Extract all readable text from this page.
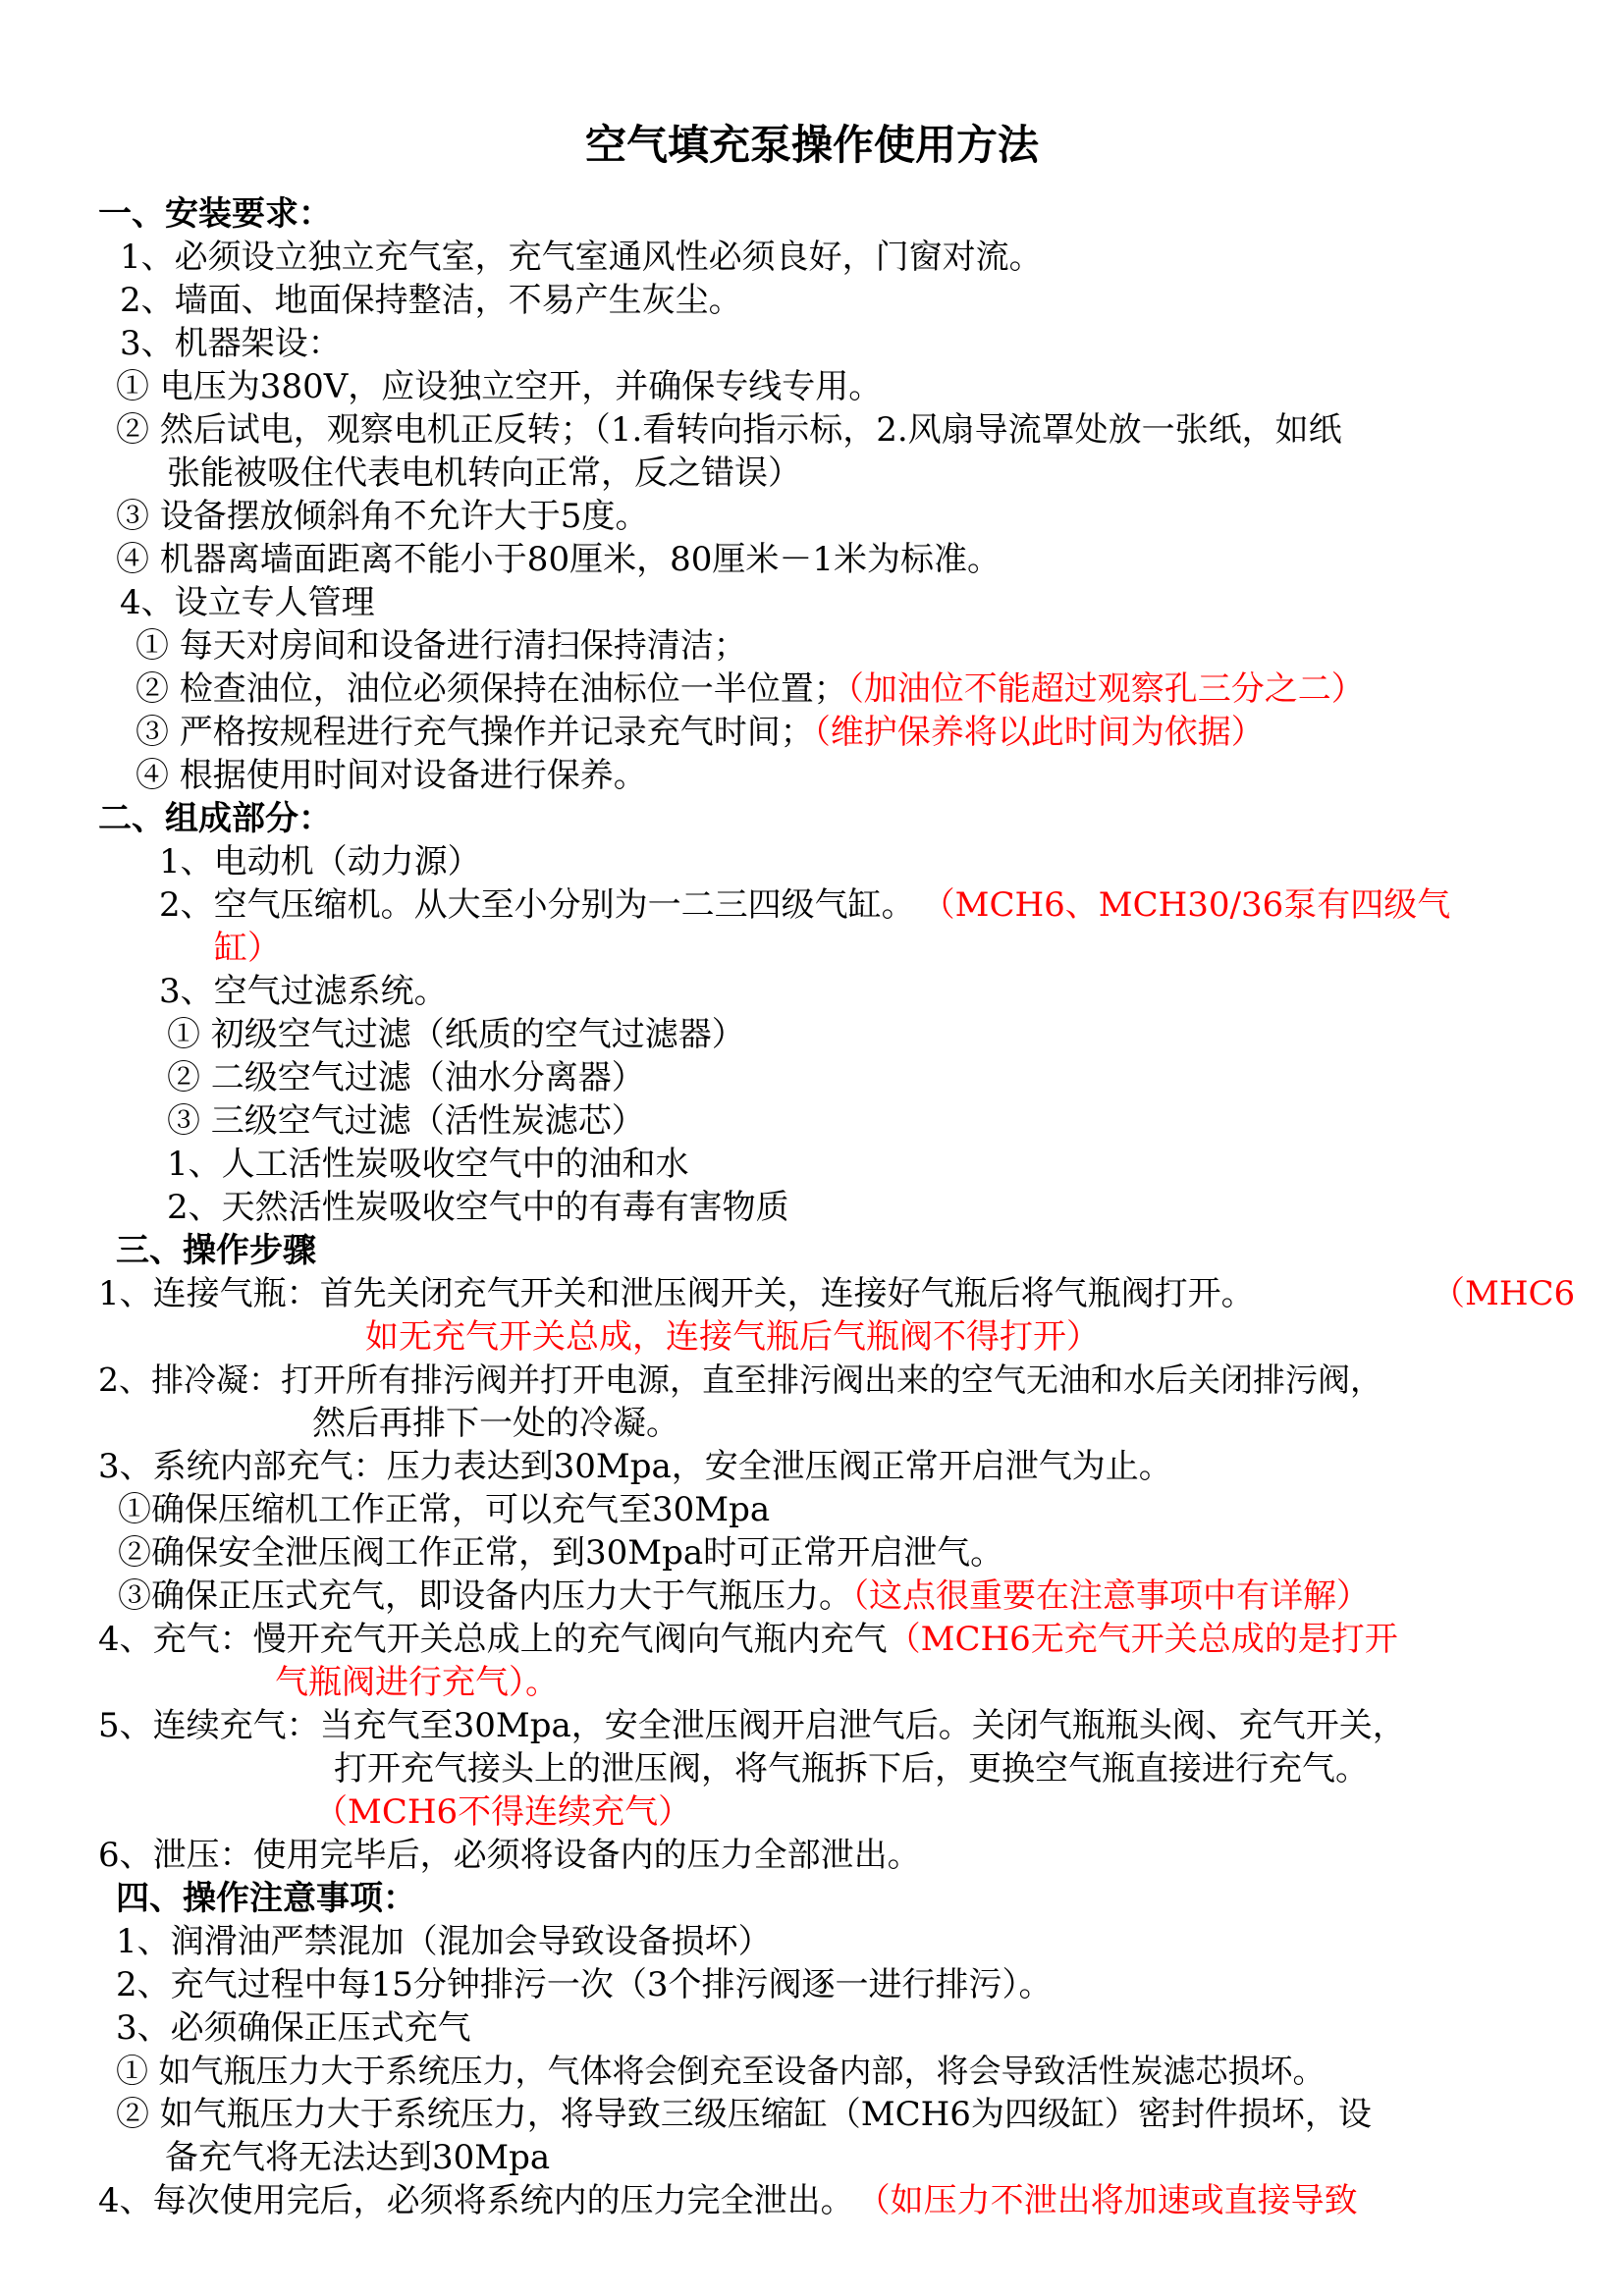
空气填充泵操作使用方法
一、安装要求：
1、必须设立独立充气室，充气室通风性必须良好，门窗对流。
2、墙面、地面保持整洁，不易产生灰尘。
3、机器架设：
① 电压为380V，应设独立空开，并确保专线专用。
② 然后试电，观察电机正反转；（1.看转向指示标，2.风扇导流罩处放一张纸，如纸
张能被吸住代表电机转向正常，反之错误）
③ 设备摆放倾斜角不允许大于5度。
④ 机器离墙面距离不能小于80厘米，80厘米－1米为标准。
4、设立专人管理
① 每天对房间和设备进行清扫保持清洁；
② 检查油位，油位必须保持在油标位一半位置；（加油位不能超过观察孔三分之二）
③ 严格按规程进行充气操作并记录充气时间；（维护保养将以此时间为依据）
④ 根据使用时间对设备进行保养。
二、组成部分：
1、电动机（动力源）
2、空气压缩机。从大至小分别为一二三四级气缸。 （MCH6、MCH30/36泵有四级气
缸）
3、空气过滤系统。
① 初级空气过滤（纸质的空气过滤器）
② 二级空气过滤（油水分离器）
③ 三级空气过滤（活性炭滤芯）
1、人工活性炭吸收空气中的油和水
2、天然活性炭吸收空气中的有毒有害物质
三、操作步骤
1、连接气瓶：首先关闭充气开关和泄压阀开关，连接好气瓶后将气瓶阀打开。	（MHC6
如无充气开关总成，连接气瓶后气瓶阀不得打开）
2、排冷凝：打开所有排污阀并打开电源，直至排污阀出来的空气无油和水后关闭排污阀，
然后再排下一处的冷凝。
3、系统内部充气：压力表达到30Mpa，安全泄压阀正常开启泄气为止。
①确保压缩机工作正常，可以充气至30Mpa
②确保安全泄压阀工作正常，到30Mpa时可正常开启泄气。
③确保正压式充气，即设备内压力大于气瓶压力。（这点很重要在注意事项中有详解）
4、充气：慢开充气开关总成上的充气阀向气瓶内充气（MCH6无充气开关总成的是打开
气瓶阀进行充气）。
5、连续充气：当充气至30Mpa，安全泄压阀开启泄气后。关闭气瓶瓶头阀、充气开关，
打开充气接头上的泄压阀，将气瓶拆下后，更换空气瓶直接进行充气。
（MCH6不得连续充气）
6、泄压：使用完毕后，必须将设备内的压力全部泄出。
四、操作注意事项：
1、润滑油严禁混加（混加会导致设备损坏）
2、充气过程中每15分钟排污一次（3个排污阀逐一进行排污）。
3、必须确保正压式充气
① 如气瓶压力大于系统压力，气体将会倒充至设备内部，将会导致活性炭滤芯损坏。
② 如气瓶压力大于系统压力，将导致三级压缩缸（MCH6为四级缸）密封件损坏，设
备充气将无法达到30Mpa
4、每次使用完后，必须将系统内的压力完全泄出。 （如压力不泄出将加速或直接导致
